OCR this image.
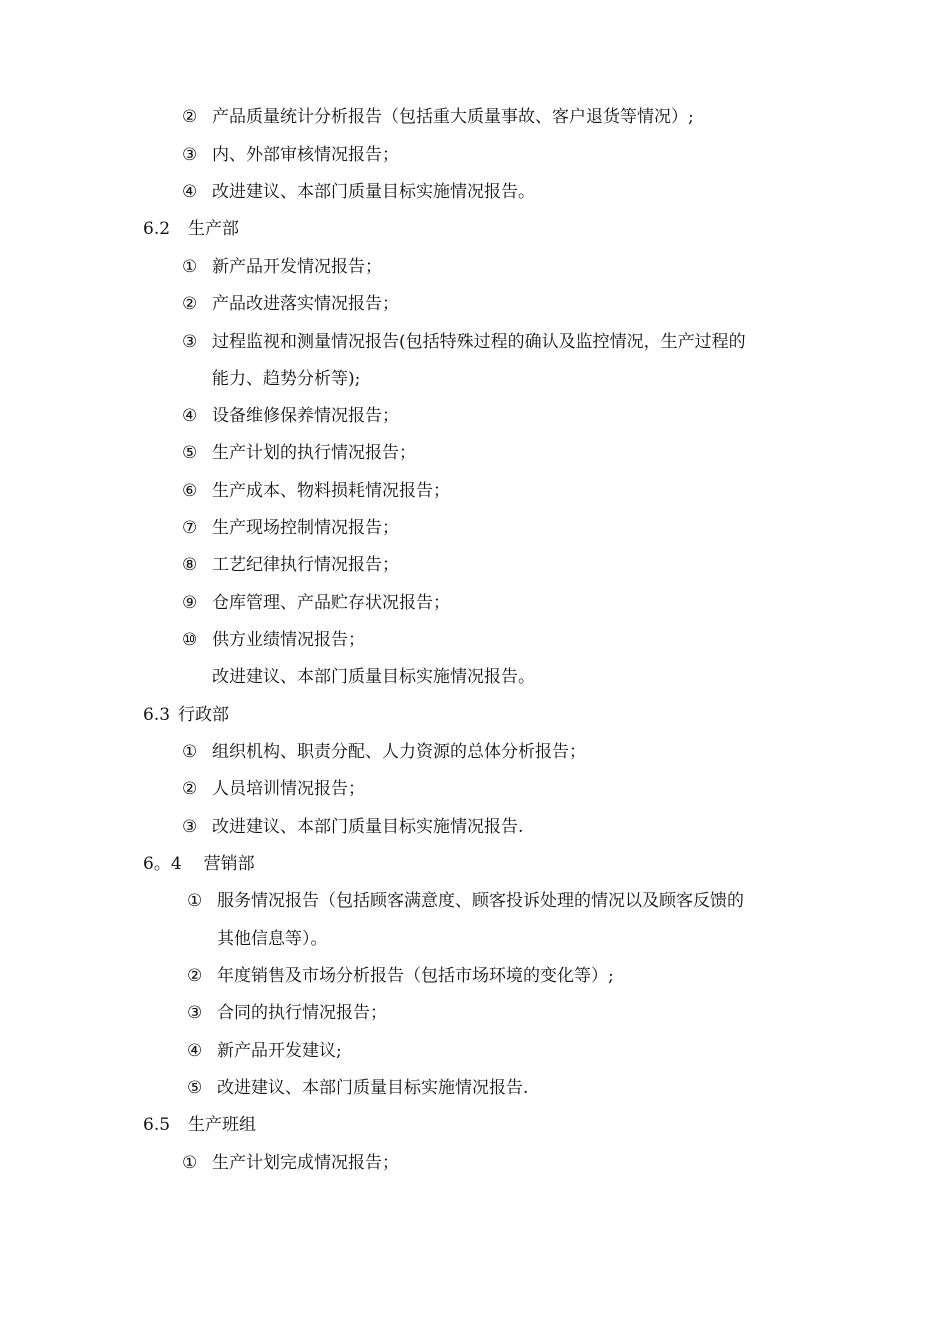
② 产品质量统计分析报告（包括重大质量事故、客户退货等情况）;
③ 内、外部审核情况报告；
④ 改进建议、本部门质量目标实施情况报告。
6.2 生产部
① 新产品开发情况报告；
② 产品改进落实情况报告；
③ 过程监视和测量情况报告(包括特殊过程的确认及监控情况，生产过程的
能力、趋势分析等);
④ 设备维修保养情况报告；
⑤ 生产计划的执行情况报告；
⑥ 生产成本、物料损耗情况报告；
⑦ 生产现场控制情况报告；
⑧ 工艺纪律执行情况报告；
⑨ 仓库管理、产品贮存状况报告；
⑩ 供方业绩情况报告；
改进建议、本部门质量目标实施情况报告。
6.3 行政部
① 组织机构、职责分配、人力资源的总体分析报告；
② 人员培训情况报告；
③ 改进建议、本部门质量目标实施情况报告.
6。4 营销部
① 服务情况报告（包括顾客满意度、顾客投诉处理的情况以及顾客反馈的
其他信息等）。
② 年度销售及市场分析报告（包括市场环境的变化等）;
③ 合同的执行情况报告；
④ 新产品开发建议;
⑤ 改进建议、本部门质量目标实施情况报告.
6.5 生产班组
① 生产计划完成情况报告；
